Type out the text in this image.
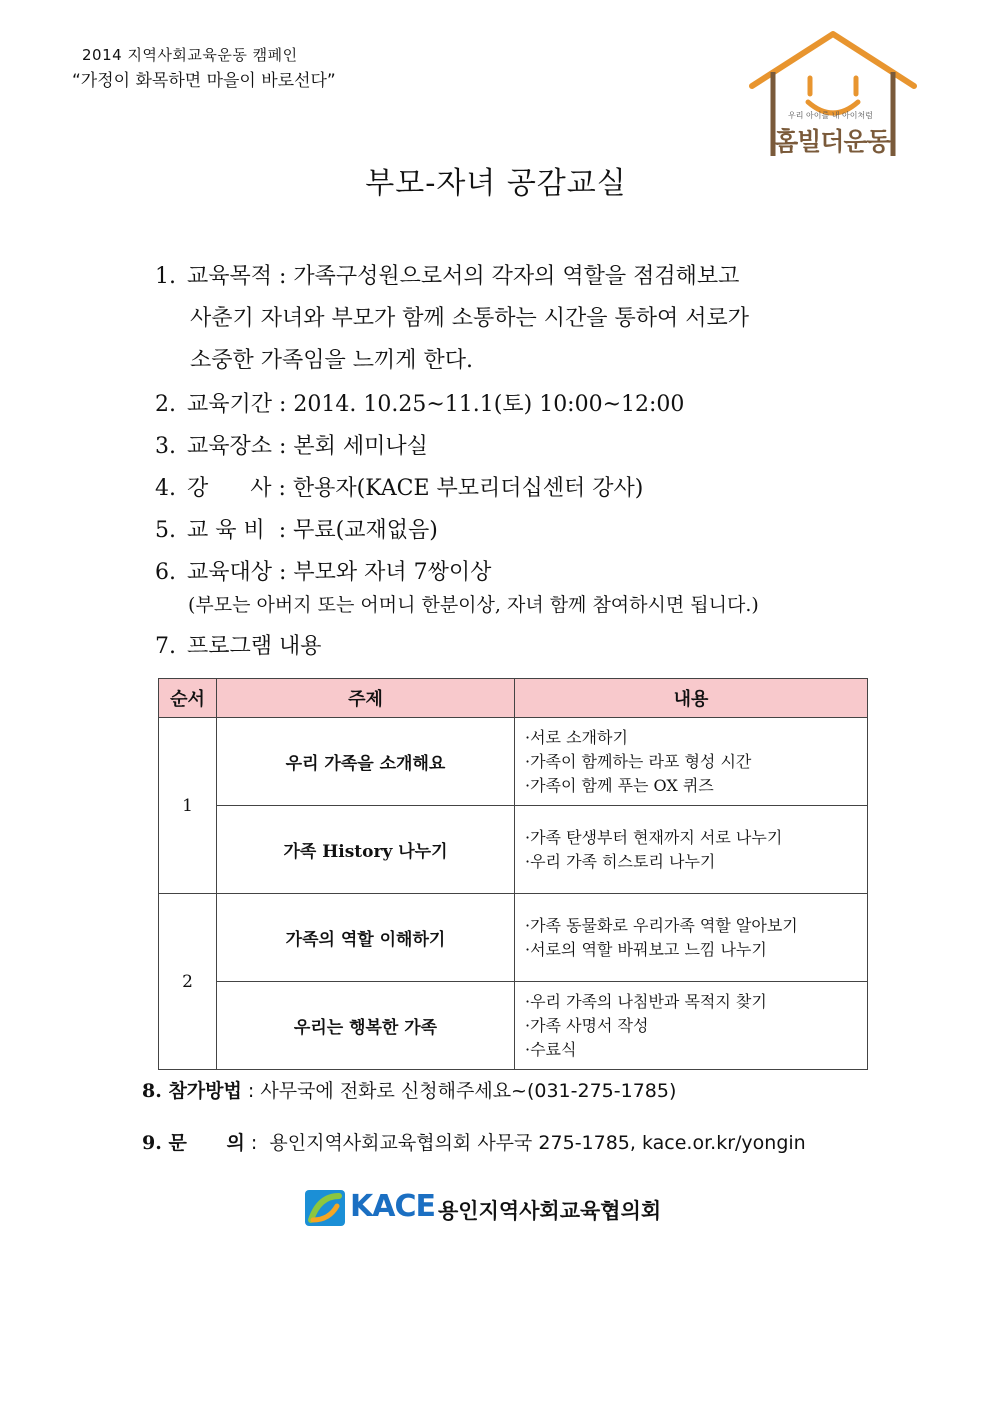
2014 지역사회교육운동 캠페인
“가정이 화목하면 마을이 바로선다”
우리 아이를 내 아이처럼
홈빌더운동
부모-자녀 공감교실
1. 교육목적 : 가족구성원으로서의 각자의 역할을 점검해보고
사춘기 자녀와 부모가 함께 소통하는 시간을 통하여 서로가
소중한 가족임을 느끼게 한다.
2. 교육기간 : 2014. 10.25~11.1(토) 10:00~12:00
3. 교육장소 : 본회 세미나실
4. 강      사 : 한용자(KACE 부모리더십센터 강사)
5. 교 육 비  : 무료(교재없음)
6. 교육대상 : 부모와 자녀 7쌍이상
(부모는 아버지 또는 어머니 한분이상, 자녀 함께 참여하시면 됩니다.)
7. 프로그램 내용
순서	주제	내용
1	우리 가족을 소개해요	·서로 소개하기
·가족이 함께하는 라포 형성 시간
·가족이 함께 푸는 OX 퀴즈

	가족 History 나누기	·가족 탄생부터 현재까지 서로 나누기
·우리 가족 히스토리 나누기

2	가족의 역할 이해하기	·가족 동물화로 우리가족 역할 알아보기
·서로의 역할 바꿔보고 느낌 나누기

	우리는 행복한 가족	·우리 가족의 나침반과 목적지 찾기
·가족 사명서 작성
·수료식
8. 참가방법 : 사무국에 전화로 신청해주세요~(031-275-1785)
9. 문      의 :  용인지역사회교육협의회 사무국 275-1785, kace.or.kr/yongin
KACE 용인지역사회교육협의회
